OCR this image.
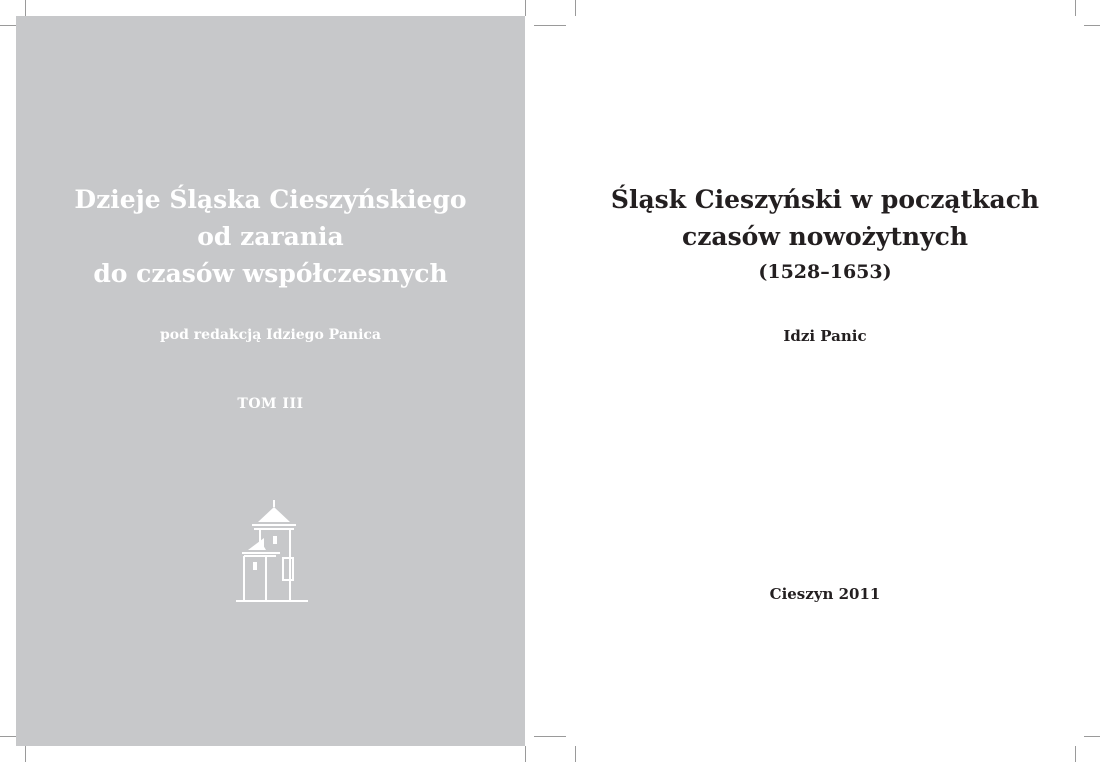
Dzieje Śląska Cieszyńskiego
od zarania
do czasów współczesnych
pod redakcją Idziego Panica
TOM III
Śląsk Cieszyński w początkach
czasów nowożytnych
(1528–1653)
Idzi Panic
Cieszyn 2011
